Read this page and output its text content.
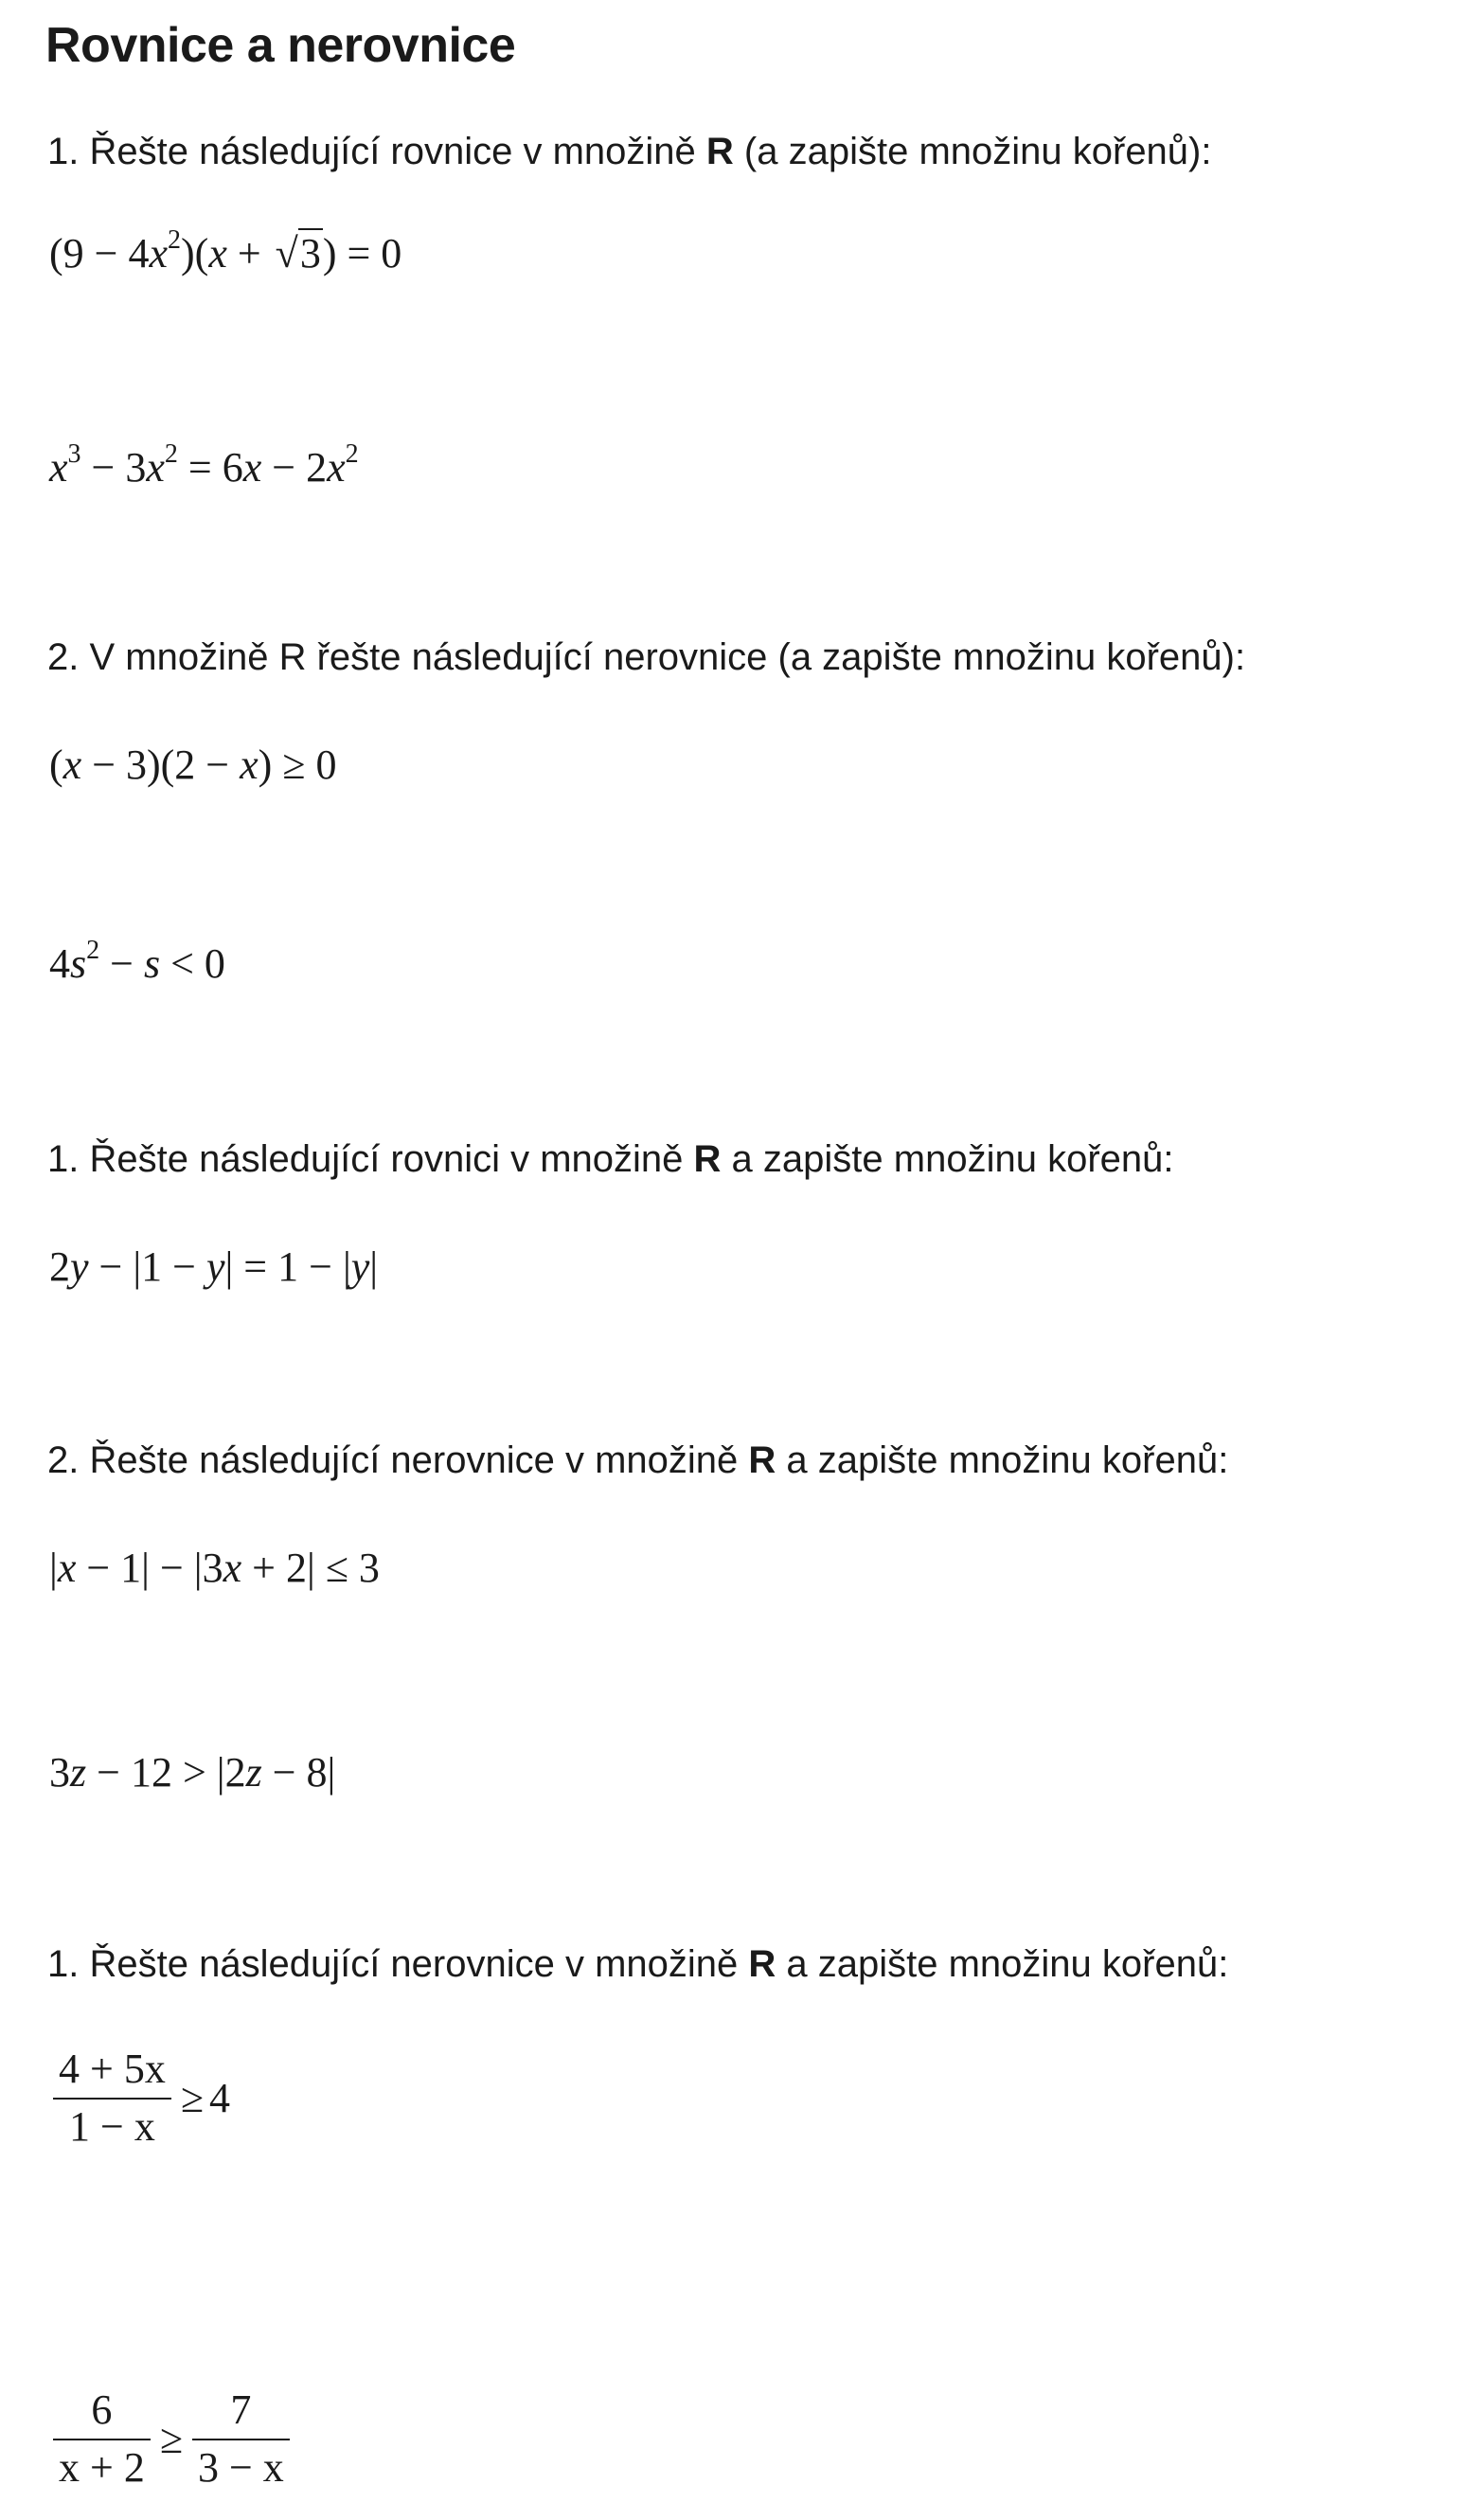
Rovnice a nerovnice
1. Řešte následující rovnice v množině R (a zapište množinu kořenů):
$(9 - 4x^2)(x + √3) = 0$
$x^3 - 3x^2 = 6x - 2x^2$
2. V množině R řešte následující nerovnice (a zapište množinu kořenů):
(x − 3)(2 − x) ≥ 0
$4s^2 - s < 0$
1. Řešte následující rovnici v množině R a zapište množinu kořenů:
2y − |1 − y| = 1 − |y|
2. Řešte následující nerovnice v množině R a zapište množinu kořenů:
|x − 1| − |3x + 2| ≤ 3
3z − 12 > |2z − 8|
1. Řešte následující nerovnice v množině R a zapište množinu kořenů:
$\frac{4 + 5x}{1 - x} \ge 4$
$\frac{6}{x + 2} \ge \frac{7}{3 - x}$
